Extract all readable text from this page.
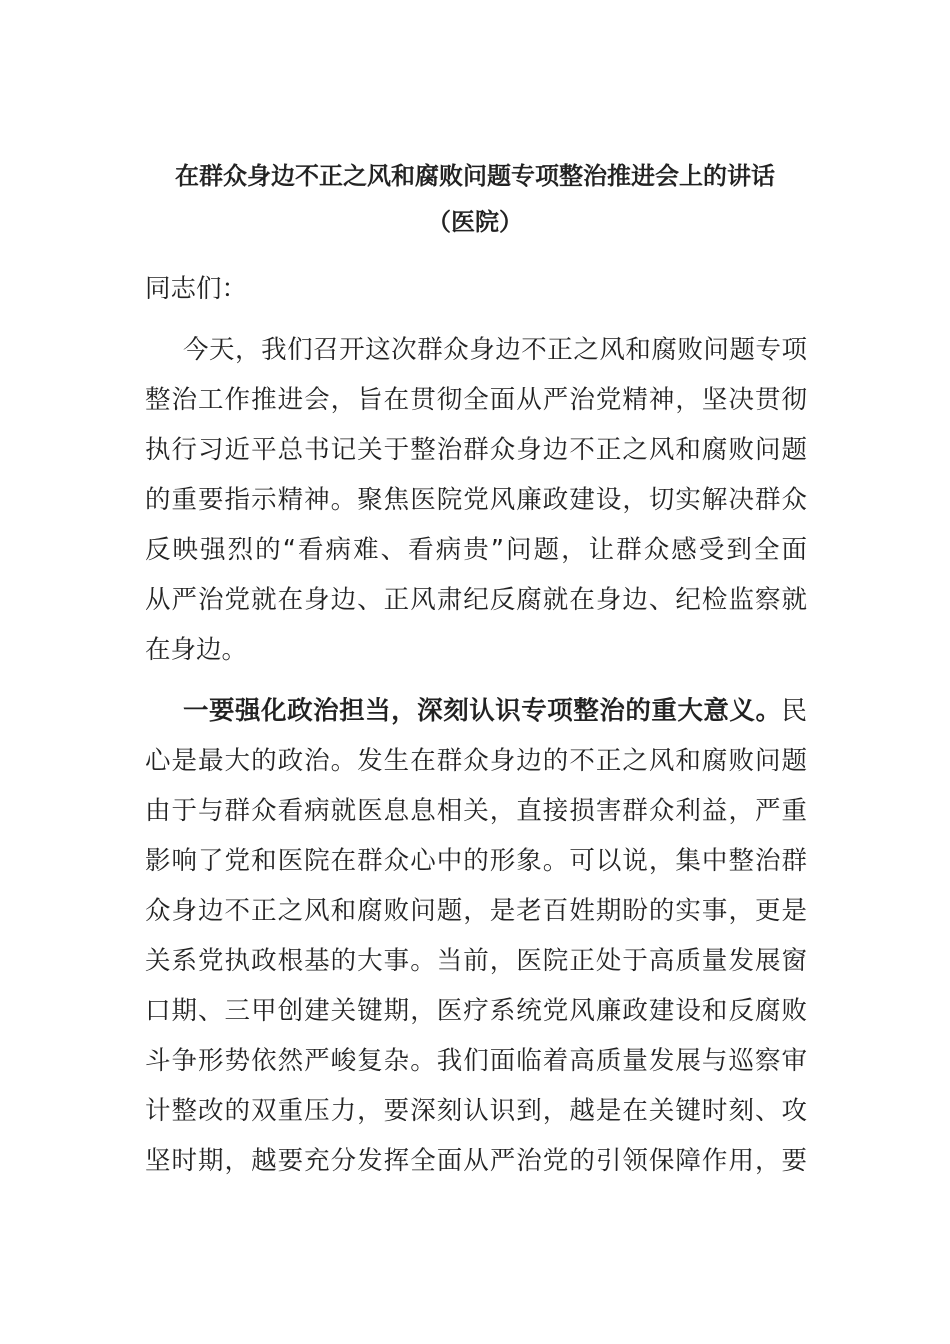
在群众身边不正之风和腐败问题专项整治推进会上的讲话
（医院）

同志们：

今天，我们召开这次群众身边不正之风和腐败问题专项
整治工作推进会，旨在贯彻全面从严治党精神，坚决贯彻
执行习近平总书记关于整治群众身边不正之风和腐败问题
的重要指示精神。聚焦医院党风廉政建设，切实解决群众
反映强烈的“看病难、看病贵”问题，让群众感受到全面
从严治党就在身边、正风肃纪反腐就在身边、纪检监察就
在身边。
一要强化政治担当，深刻认识专项整治的重大意义。民
心是最大的政治。发生在群众身边的不正之风和腐败问题
由于与群众看病就医息息相关，直接损害群众利益，严重
影响了党和医院在群众心中的形象。可以说，集中整治群
众身边不正之风和腐败问题，是老百姓期盼的实事，更是
关系党执政根基的大事。当前，医院正处于高质量发展窗
口期、三甲创建关键期，医疗系统党风廉政建设和反腐败
斗争形势依然严峻复杂。我们面临着高质量发展与巡察审
计整改的双重压力，要深刻认识到，越是在关键时刻、攻
坚时期，越要充分发挥全面从严治党的引领保障作用，要
